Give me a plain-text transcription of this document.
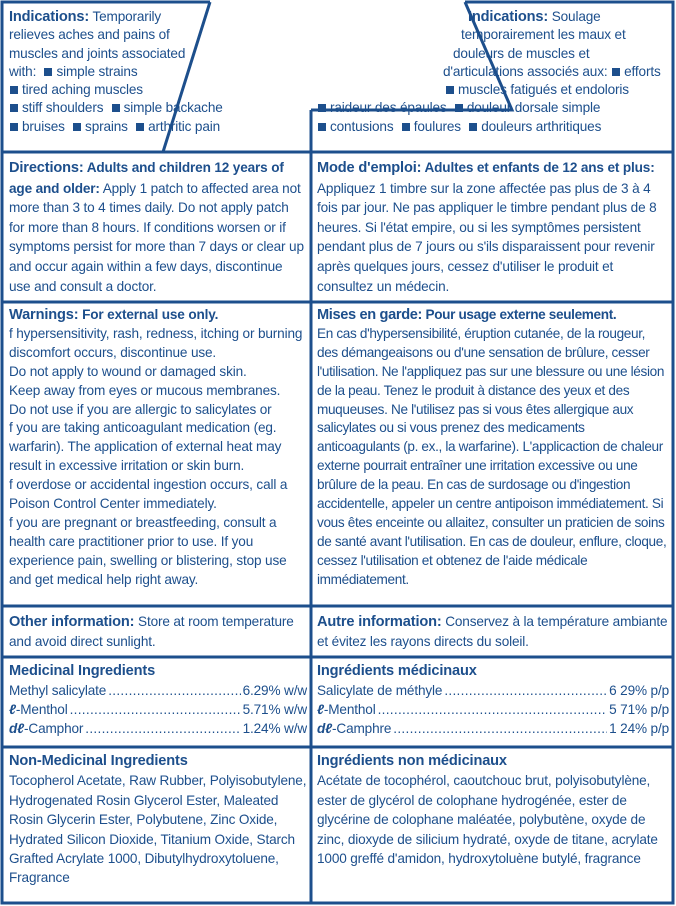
Indications: Temporarily

relieves aches and pains of

muscles and joints associated

with: simple strains

tired aching muscles

stiff shoulders simple backache

bruises sprains arthritic pain

Indications: Soulage

temporairement les maux et

douleurs de muscles et

d'articulations associés aux: efforts

muscles fatigués et endoloris

raideur des épaules douleur dorsale simple

contusions foulures douleurs arthritiques

Directions: Adults and children 12 years of age and older: Apply 1 patch to affected area not more than 3 to 4 times daily. Do not apply patch for more than 8 hours. If conditions worsen or if symptoms persist for more than 7 days or clear up and occur again within a few days, discontinue use and consult a doctor.
Mode d'emploi: Adultes et enfants de 12 ans et plus: Appliquez 1 timbre sur la zone affectée pas plus de 3 à 4 fois par jour. Ne pas appliquer le timbre pendant plus de 8 heures. Si l'état empire, ou si les symptômes persistent pendant plus de 7 jours ou s'ils disparaissent pour revenir après quelques jours, cessez d'utiliser le produit et consultez un médecin.

Warnings: For external use only.

f hypersensitivity, rash, redness, itching or burning discomfort occurs, discontinue use.

Do not apply to wound or damaged skin.

Keep away from eyes or mucous membranes.

Do not use if you are allergic to salicylates or

f you are taking anticoagulant medication (eg. warfarin). The application of external heat may result in excessive irritation or skin burn.

f overdose or accidental ingestion occurs, call a Poison Control Center immediately.

f you are pregnant or breastfeeding, consult a health care practitioner prior to use. If you experience pain, swelling or blistering, stop use and get medical help right away.

Mises en garde: Pour usage externe seulement.

En cas d'hypersensibilité, éruption cutanée, de la rougeur, des démangeaisons ou d'une sensation de brûlure, cesser l'utilisation. Ne l'appliquez pas sur une blessure ou une lésion de la peau. Tenez le produit à distance des yeux et des muqueuses. Ne l'utilisez pas si vous êtes allergique aux salicylates ou si vous prenez des medicaments anticoagulants (p. ex., la warfarine). L'applicaction de chaleur externe pourrait entraîner une irritation excessive ou une brûlure de la peau. En cas de surdosage ou d'ingestion accidentelle, appeler un centre antipoison immédiatement. Si vous êtes enceinte ou allaitez, consulter un praticien de soins de santé avant l'utilisation. En cas de douleur, enflure, cloque, cessez l'utilisation et obtenez de l'aide médicale immédiatement.

Other information: Store at room temperature and avoid direct sunlight.
Autre information: Conservez à la température ambiante et évitez les rayons directs du soleil.

Medicinal Ingredients

Methyl salicylate .....	6.29% w/w
ℓ-Menthol .....	5.71% w/w
dℓ-Camphor .....	1.24% w/w

Ingrédients médicinaux

Salicylate de méthyle .....	6 29% p/p
ℓ-Menthol .....	5 71% p/p
dℓ-Camphre .....	1 24% p/p

Non-Medicinal Ingredients

Tocopherol Acetate, Raw Rubber, Polyisobutylene, Hydrogenated Rosin Glycerol Ester, Maleated Rosin Glycerin Ester, Polybutene, Zinc Oxide, Hydrated Silicon Dioxide, Titanium Oxide, Starch Grafted Acrylate 1000, Dibutylhydroxytoluene, Fragrance

Ingrédients non médicinaux

Acétate de tocophérol, caoutchouc brut, polyisobutylène, ester de glycérol de colophane hydrogénée, ester de glycérine de colophane maléatée, polybutène, oxyde de zinc, dioxyde de silicium hydraté, oxyde de titane, acrylate 1000 greffé d'amidon, hydroxytoluène butylé, fragrance
